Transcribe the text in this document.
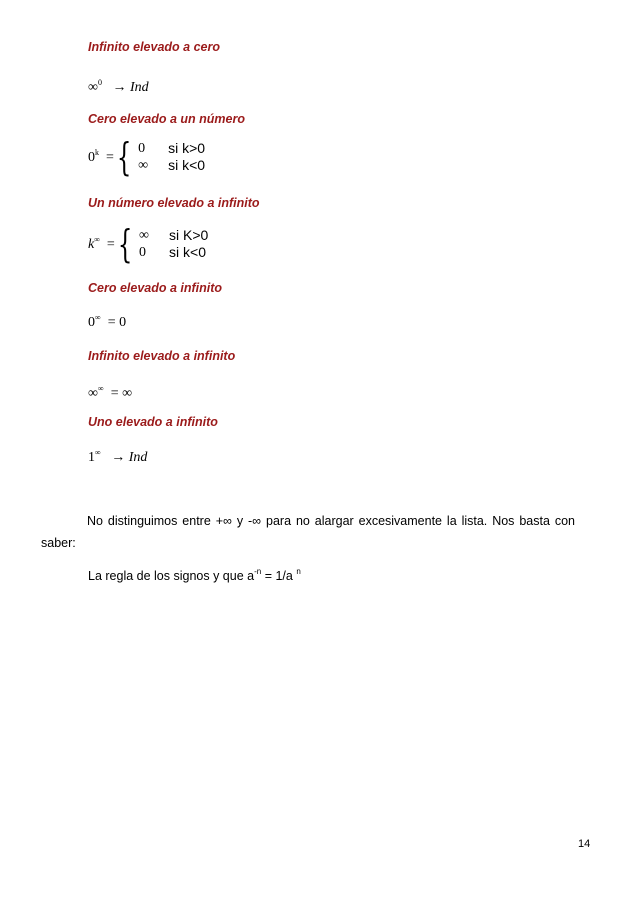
Infinito elevado a cero
∞$^0$ → Ind
Cero elevado a un número
$0^k$ = { 0	si k>0
∞	si k<0
Un número elevado a infinito
k∞ = { ∞	si K>0
0	si k<0
Cero elevado a infinito
0∞ = 0
Infinito elevado a infinito
∞∞ = ∞
Uno elevado a infinito
1∞ → Ind
No distinguimos entre +∞ y -∞ para no alargar excesivamente la lista. Nos basta con saber:
La regla de los signos y que $a^{-n} = 1/a$ $^n$
14
